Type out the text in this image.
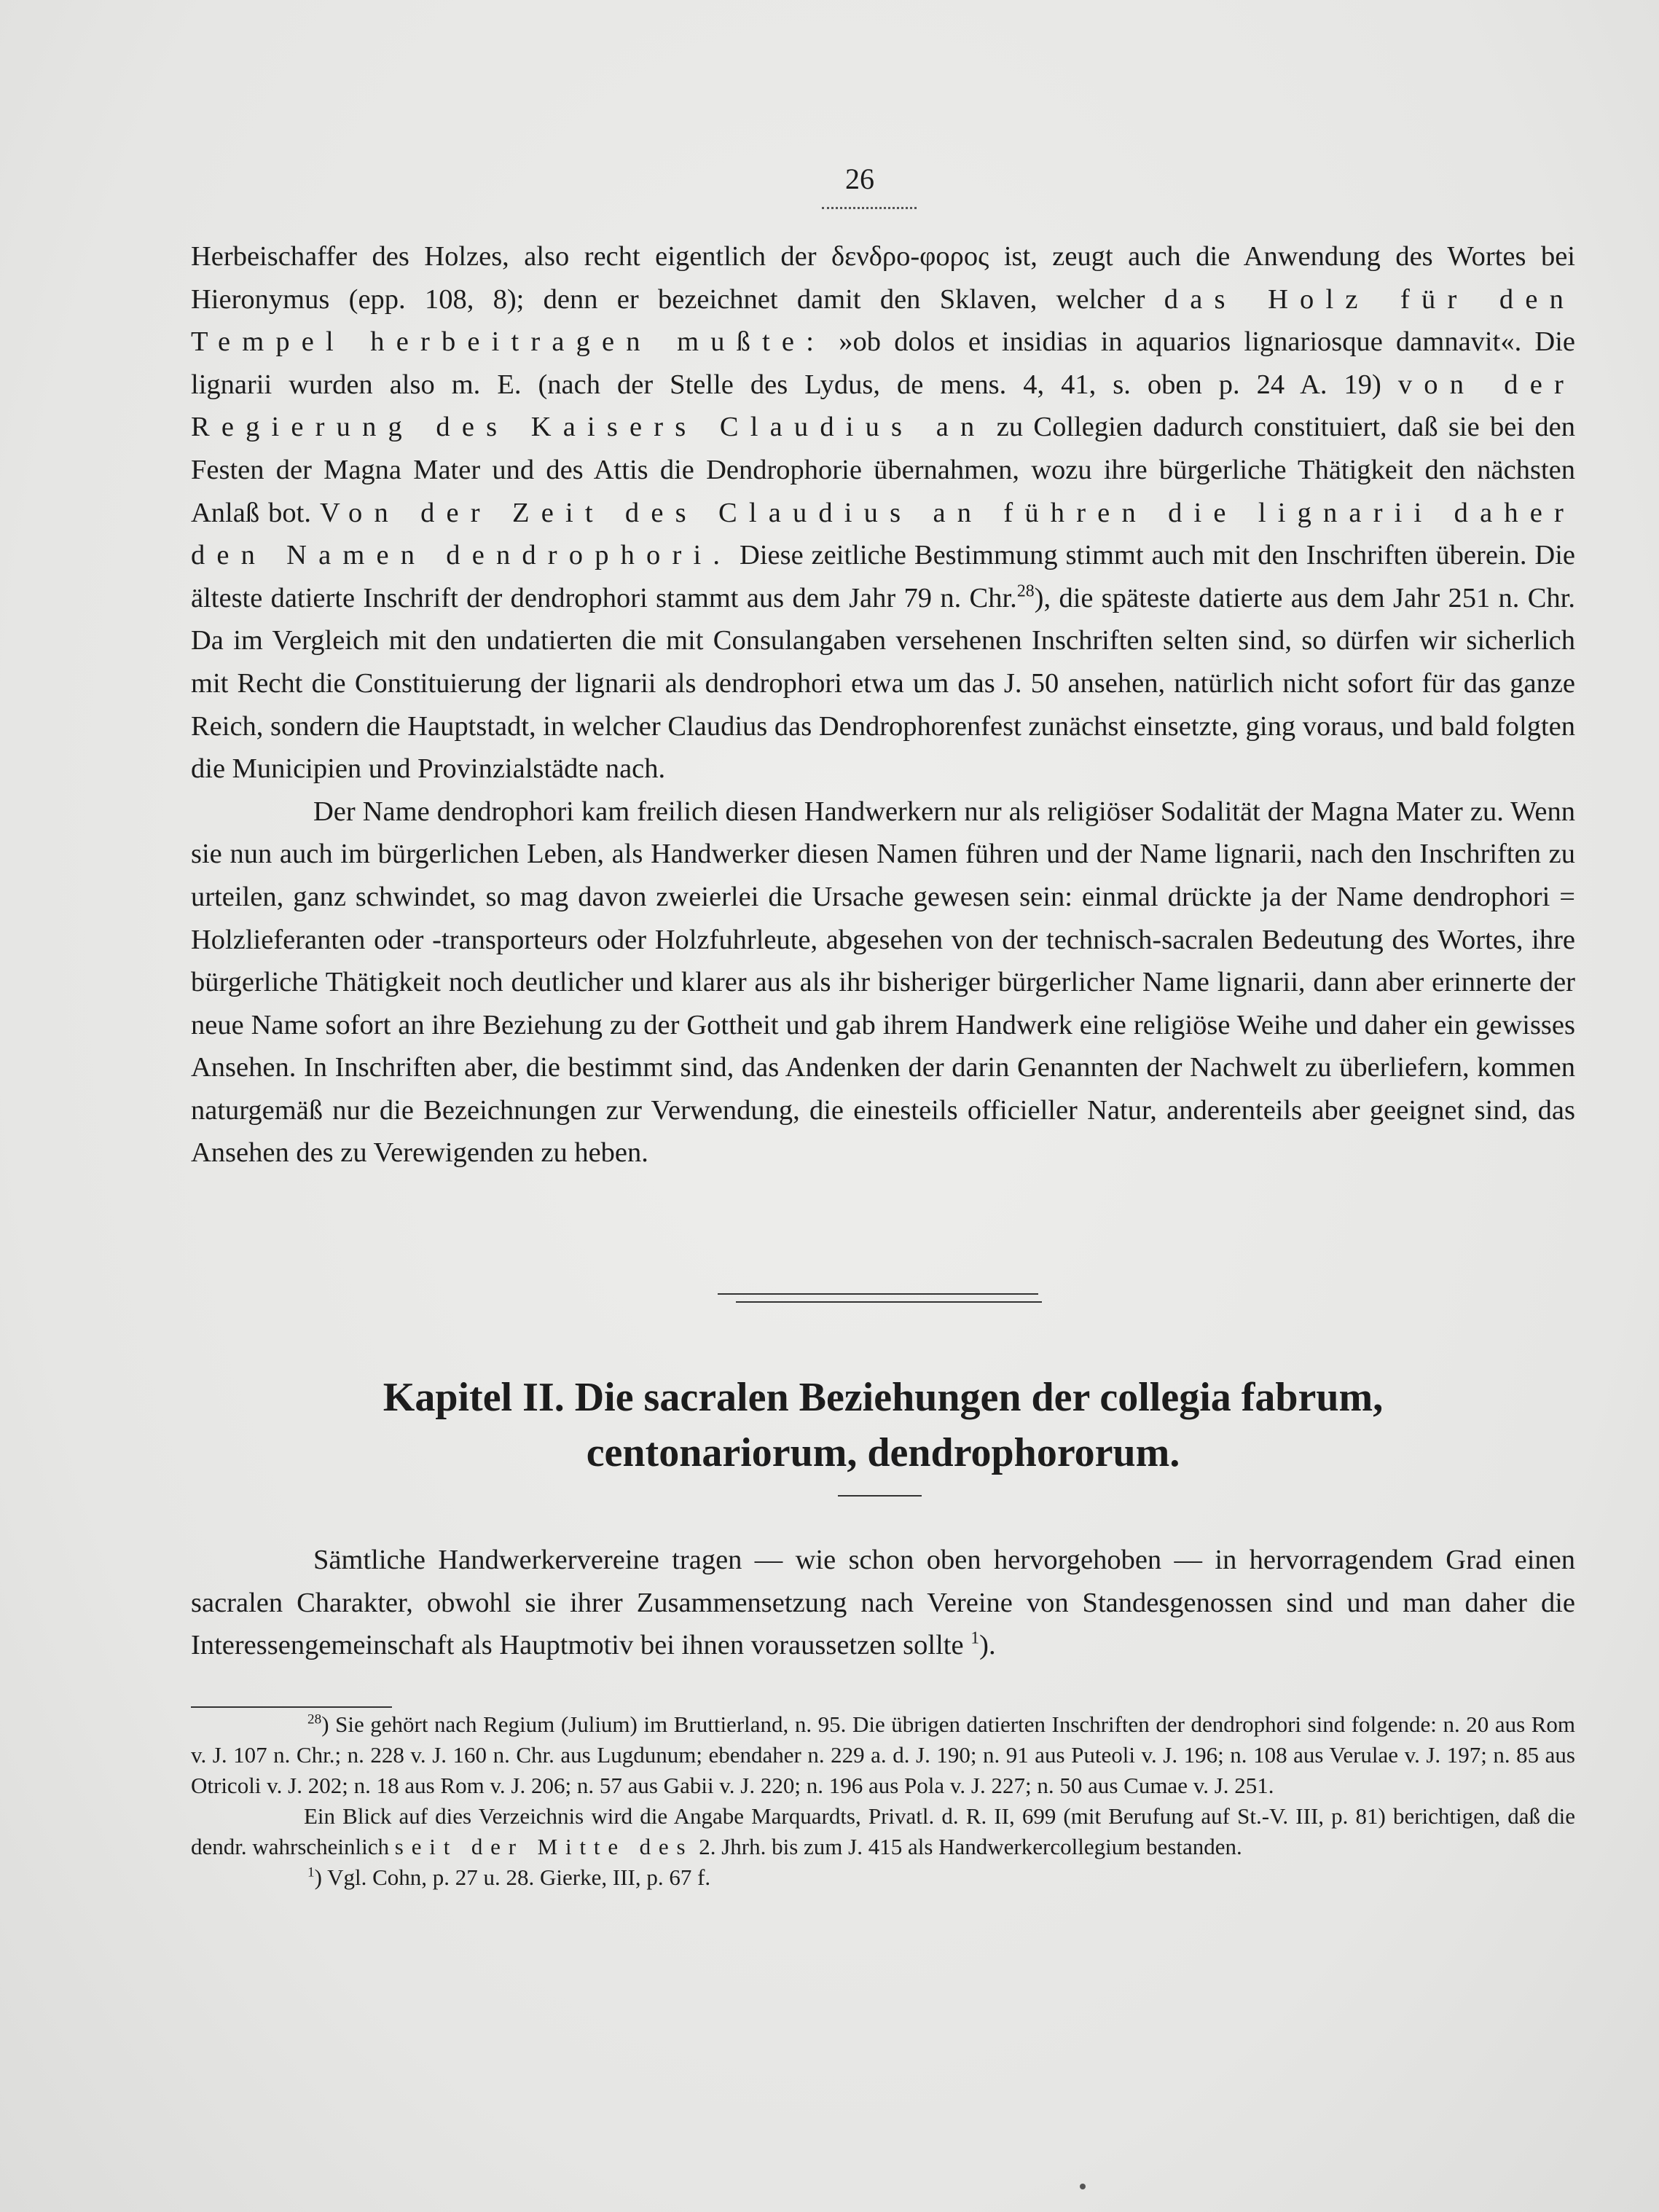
26

Herbeischaffer des Holzes, also recht eigentlich der δενδρο-φορος ist, zeugt auch die Anwendung des Wortes bei Hieronymus (epp. 108, 8); denn er bezeichnet damit den Sklaven, welcher das Holz für den Tempel herbeitragen mußte: »ob dolos et insidias in aquarios lignariosque damnavit«. Die lignarii wurden also m. E. (nach der Stelle des Lydus, de mens. 4, 41, s. oben p. 24 A. 19) von der Regierung des Kaisers Claudius an zu Collegien dadurch constituiert, daß sie bei den Festen der Magna Mater und des Attis die Dendrophorie übernahmen, wozu ihre bürgerliche Thätigkeit den nächsten Anlaß bot. Von der Zeit des Claudius an führen die lignarii daher den Namen dendrophori. Diese zeitliche Bestimmung stimmt auch mit den Inschriften überein. Die älteste datierte Inschrift der dendrophori stammt aus dem Jahr 79 n. Chr.$^{28}$), die späteste datierte aus dem Jahr 251 n. Chr. Da im Vergleich mit den undatierten die mit Consulangaben versehenen Inschriften selten sind, so dürfen wir sicherlich mit Recht die Constituierung der lignarii als dendrophori etwa um das J. 50 ansehen, natürlich nicht sofort für das ganze Reich, sondern die Hauptstadt, in welcher Claudius das Dendrophorenfest zunächst einsetzte, ging voraus, und bald folgten die Municipien und Provinzialstädte nach.

Der Name dendrophori kam freilich diesen Handwerkern nur als religiöser Sodalität der Magna Mater zu. Wenn sie nun auch im bürgerlichen Leben, als Handwerker diesen Namen führen und der Name lignarii, nach den Inschriften zu urteilen, ganz schwindet, so mag davon zweierlei die Ursache gewesen sein: einmal drückte ja der Name dendrophori = Holzlieferanten oder -transporteurs oder Holzfuhrleute, abgesehen von der technisch-sacralen Bedeutung des Wortes, ihre bürgerliche Thätigkeit noch deutlicher und klarer aus als ihr bisheriger bürgerlicher Name lignarii, dann aber erinnerte der neue Name sofort an ihre Beziehung zu der Gottheit und gab ihrem Handwerk eine religiöse Weihe und daher ein gewisses Ansehen. In Inschriften aber, die bestimmt sind, das Andenken der darin Genannten der Nachwelt zu überliefern, kommen naturgemäß nur die Bezeichnungen zur Verwendung, die einesteils officieller Natur, anderenteils aber geeignet sind, das Ansehen des zu Verewigenden zu heben.

Kapitel II. Die sacralen Beziehungen der collegia fabrum,
centonariorum, dendrophororum.

Sämtliche Handwerkervereine tragen — wie schon oben hervorgehoben — in hervorragendem Grad einen sacralen Charakter, obwohl sie ihrer Zusammensetzung nach Vereine von Standesgenossen sind und man daher die Interessengemeinschaft als Hauptmotiv bei ihnen voraussetzen sollte $^1$).

$^{28}$) Sie gehört nach Regium (Julium) im Bruttierland, n. 95. Die übrigen datierten Inschriften der dendrophori sind folgende: n. 20 aus Rom v. J. 107 n. Chr.; n. 228 v. J. 160 n. Chr. aus Lugdunum; ebendaher n. 229 a. d. J. 190; n. 91 aus Puteoli v. J. 196; n. 108 aus Verulae v. J. 197; n. 85 aus Otricoli v. J. 202; n. 18 aus Rom v. J. 206; n. 57 aus Gabii v. J. 220; n. 196 aus Pola v. J. 227; n. 50 aus Cumae v. J. 251.

Ein Blick auf dies Verzeichnis wird die Angabe Marquardts, Privatl. d. R. II, 699 (mit Berufung auf St.-V. III, p. 81) berichtigen, daß die dendr. wahrscheinlich seit der Mitte des 2. Jhrh. bis zum J. 415 als Handwerkercollegium bestanden.

$^1$) Vgl. Cohn, p. 27 u. 28. Gierke, III, p. 67 f.
